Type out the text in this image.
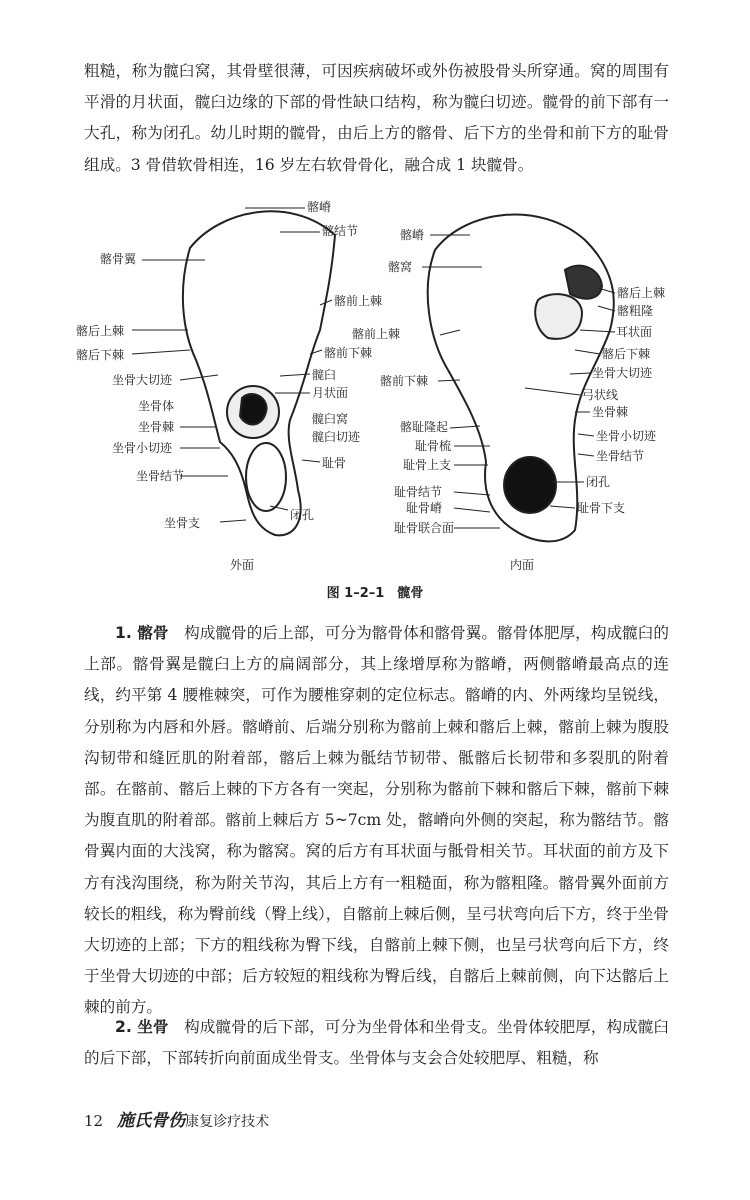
粗糙，称为髋臼窝，其骨壁很薄，可因疾病破坏或外伤被股骨头所穿通。窝的周围有平滑的月状面，髋臼边缘的下部的骨性缺口结构，称为髋臼切迹。髋骨的前下部有一大孔，称为闭孔。幼儿时期的髋骨，由后上方的髂骨、后下方的坐骨和前下方的耻骨组成。3 骨借软骨相连，16 岁左右软骨骨化，融合成 1 块髋骨。

髂嵴
髂结节
髂骨翼
髂前上棘
髂后上棘
髂前下棘
髂后下棘
髋臼
坐骨大切迹
月状面
坐骨体
坐骨棘
髋臼窝
髋臼切迹
坐骨小切迹
耻骨
坐骨结节
闭孔
坐骨支
外面
髂嵴
髂窝
髂后上棘
髂粗隆
耳状面
髂前上棘
髂后下棘
坐骨大切迹
髂前下棘
弓状线
坐骨棘
髂耻隆起
坐骨小切迹
耻骨梳
坐骨结节
耻骨上支
闭孔
耻骨结节
耻骨下支
耻骨嵴
耻骨联合面
内面
图 1–2–1　髋骨

1. 髂骨　 构成髋骨的后上部，可分为髂骨体和髂骨翼。髂骨体肥厚，构成髋臼的上部。髂骨翼是髋臼上方的扁阔部分，其上缘增厚称为髂嵴，两侧髂嵴最高点的连线，约平第 4 腰椎棘突，可作为腰椎穿刺的定位标志。髂嵴的内、外两缘均呈锐线，分别称为内唇和外唇。髂嵴前、后端分别称为髂前上棘和髂后上棘，髂前上棘为腹股沟韧带和缝匠肌的附着部，髂后上棘为骶结节韧带、骶髂后长韧带和多裂肌的附着部。在髂前、髂后上棘的下方各有一突起，分别称为髂前下棘和髂后下棘，髂前下棘为腹直肌的附着部。髂前上棘后方 5~7cm 处，髂嵴向外侧的突起，称为髂结节。髂骨翼内面的大浅窝，称为髂窝。窝的后方有耳状面与骶骨相关节。耳状面的前方及下方有浅沟围绕，称为附关节沟，其后上方有一粗糙面，称为髂粗隆。髂骨翼外面前方较长的粗线，称为臀前线（臀上线），自髂前上棘后侧，呈弓状弯向后下方，终于坐骨大切迹的上部；下方的粗线称为臀下线，自髂前上棘下侧，也呈弓状弯向后下方，终于坐骨大切迹的中部；后方较短的粗线称为臀后线，自髂后上棘前侧，向下达髂后上棘的前方。

2. 坐骨　 构成髋骨的后下部，可分为坐骨体和坐骨支。坐骨体较肥厚，构成髋臼的后下部，下部转折向前面成坐骨支。坐骨体与支会合处较肥厚、粗糙，称

12 施氏骨伤康复诊疗技术
